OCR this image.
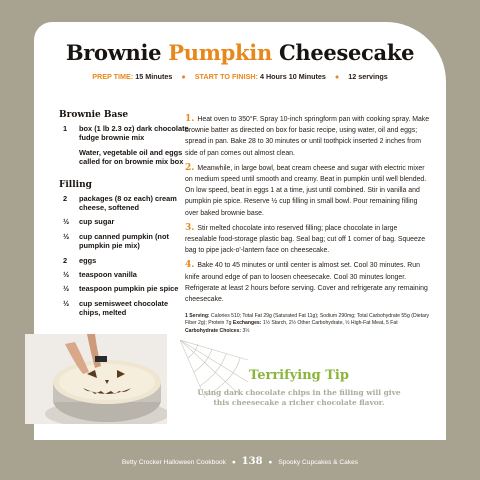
Brownie Pumpkin Cheesecake
PREP TIME: 15 Minutes ● START TO FINISH: 4 Hours 10 Minutes ● 12 servings
Brownie Base
1	box (1 lb 2.3 oz) dark chocolate fudge brownie mix
Water, vegetable oil and eggs called for on brownie mix box
Filling
2	packages (8 oz each) cream cheese, softened
½	cup sugar
½	cup canned pumpkin (not pumpkin pie mix)
2	eggs
½	teaspoon vanilla
½	teaspoon pumpkin pie spice
½	cup semisweet chocolate chips, melted
1. Heat oven to 350°F. Spray 10-inch springform pan with cooking spray. Make brownie batter as directed on box for basic recipe, using water, oil and eggs; spread in pan. Bake 28 to 30 minutes or until toothpick inserted 2 inches from side of pan comes out almost clean.
2. Meanwhile, in large bowl, beat cream cheese and sugar with electric mixer on medium speed until smooth and creamy. Beat in pumpkin until well blended. On low speed, beat in eggs 1 at a time, just until combined. Stir in vanilla and pumpkin pie spice. Reserve ½ cup filling in small bowl. Pour remaining filling over baked brownie base.
3. Stir melted chocolate into reserved filling; place chocolate in large resealable food-storage plastic bag. Seal bag; cut off 1 corner of bag. Squeeze bag to pipe jack-o'-lantern face on cheesecake.
4. Bake 40 to 45 minutes or until center is almost set. Cool 30 minutes. Run knife around edge of pan to loosen cheesecake. Cool 30 minutes longer. Refrigerate at least 2 hours before serving. Cover and refrigerate any remaining cheesecake.
1 Serving: Calories 510; Total Fat 29g (Saturated Fat 11g); Sodium 290mg; Total Carbohydrate 55g (Dietary Fiber 2g); Protein 7g Exchanges: 1½ Starch, 2½ Other Carbohydrate, ½ High-Fat Meat, 5 Fat Carbohydrate Choices: 3½
Terrifying Tip
Using dark chocolate chips in the filling will give this cheesecake a richer chocolate flavor.
Betty Crocker Halloween Cookbook ● 138 ● Spooky Cupcakes & Cakes
